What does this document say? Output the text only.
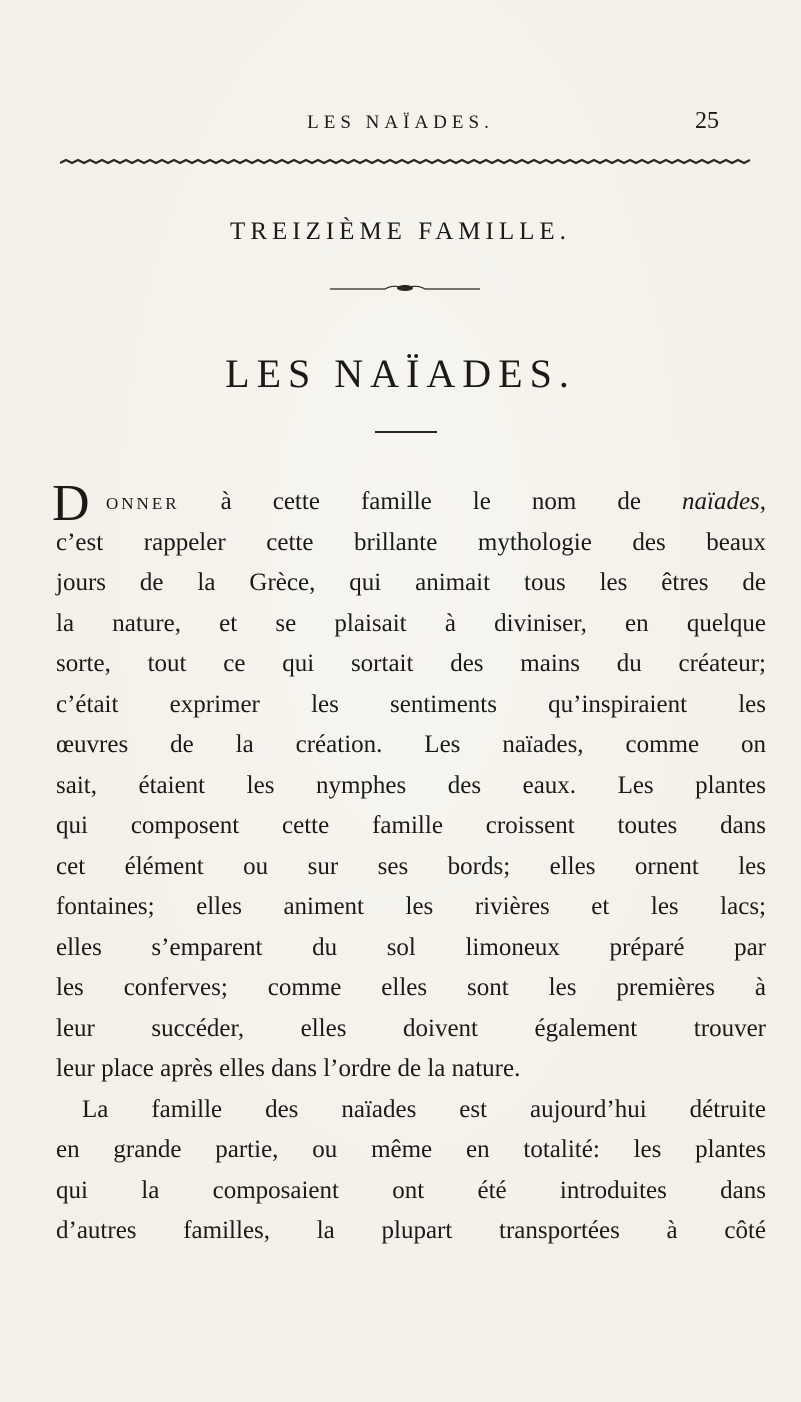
LES NAÏADES.	25
TREIZIÈME FAMILLE.
LES NAÏADES.
D ONNER à cette famille le nom de naïades,
c’est rappeler cette brillante mythologie des beaux
jours de la Grèce, qui animait tous les êtres de
la nature, et se plaisait à diviniser, en quelque
sorte, tout ce qui sortait des mains du créateur;
c’était exprimer les sentiments qu’inspiraient les
œuvres de la création. Les naïades, comme on
sait, étaient les nymphes des eaux. Les plantes
qui composent cette famille croissent toutes dans
cet élément ou sur ses bords; elles ornent les
fontaines; elles animent les rivières et les lacs;
elles s’emparent du sol limoneux préparé par
les conferves; comme elles sont les premières à
leur succéder, elles doivent également trouver
leur place après elles dans l’ordre de la nature.
La famille des naïades est aujourd’hui détruite
en grande partie, ou même en totalité: les plantes
qui la composaient ont été introduites dans
d’autres familles, la plupart transportées à côté
